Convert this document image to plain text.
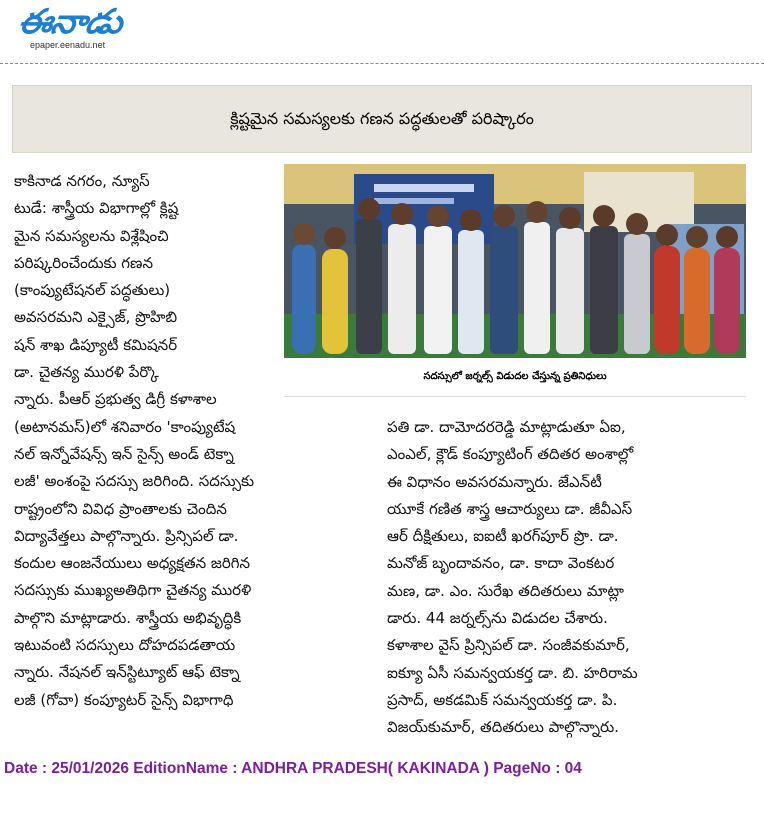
ఈనాడు
epaper.eenadu.net
క్లిష్టమైన సమస్యలకు గణన పద్ధతులతో పరిష్కారం

కాకినాడ నగరం, న్యూస్

టుడే: శాస్త్రీయ విభాగాల్లో క్లిష్ట

మైన సమస్యలను విశ్లేషించి

పరిష్కరించేందుకు గణన

(కాంప్యుటేషనల్ పద్ధతులు)

అవసరమని ఎక్సైజ్, ప్రొహిబి

షన్ శాఖ డిప్యూటీ కమిషనర్

డా. చైతన్య మురళి పేర్కొ

న్నారు. పీఆర్ ప్రభుత్వ డిగ్రీ కళాశాల

(అటానమస్)లో శనివారం 'కాంప్యుటేష

నల్ ఇన్నోవేషన్స్ ఇన్ సైన్స్ అండ్ టెక్నా

లజీ' అంశంపై సదస్సు జరిగింది. సదస్సుకు

రాష్ట్రంలోని వివిధ ప్రాంతాలకు చెందిన

విద్యావేత్తలు పాల్గొన్నారు. ప్రిన్సిపల్ డా.

కందుల ఆంజనేయులు అధ్యక్షతన జరిగిన

సదస్సుకు ముఖ్యఅతిథిగా చైతన్య మురళి

పాల్గొని మాట్లాడారు. శాస్త్రీయ అభివృద్ధికి

ఇటువంటి సదస్సులు దోహదపడతాయ

న్నారు. నేషనల్ ఇన్‌స్టిట్యూట్ ఆఫ్ టెక్నా

లజీ (గోవా) కంప్యూటర్ సైన్స్ విభాగాధి

సదస్సులో జర్నల్స్ విడుదల చేస్తున్న ప్రతినిధులు

పతి డా. దామోదరరెడ్డి మాట్లాడుతూ ఏఐ,

ఎంఎల్, క్లౌడ్ కంప్యూటింగ్ తదితర అంశాల్లో

ఈ విధానం అవసరమన్నారు. జేఎన్‌టీ

యూకే గణిత శాస్త్ర ఆచార్యులు డా. జీవీఎస్

ఆర్ దీక్షితులు, ఐఐటీ ఖరగ్‌పూర్ ప్రొ. డా.

మనోజ్ బృందావనం, డా. కాదా వెంకటర

మణ, డా. ఎం. సురేఖ తదితరులు మాట్లా

డారు. 44 జర్నల్స్‌ను విడుదల చేశారు.

కళాశాల వైస్ ప్రిన్సిపల్ డా. సంజీవకుమార్,

ఐక్యూ ఏసీ సమన్వయకర్త డా. బి. హరిరామ

ప్రసాద్, అకడమిక్ సమన్వయకర్త డా. పి.

విజయ్‌కుమార్, తదితరులు పాల్గొన్నారు.

Date : 25/01/2026 EditionName : ANDHRA PRADESH( KAKINADA ) PageNo : 04
